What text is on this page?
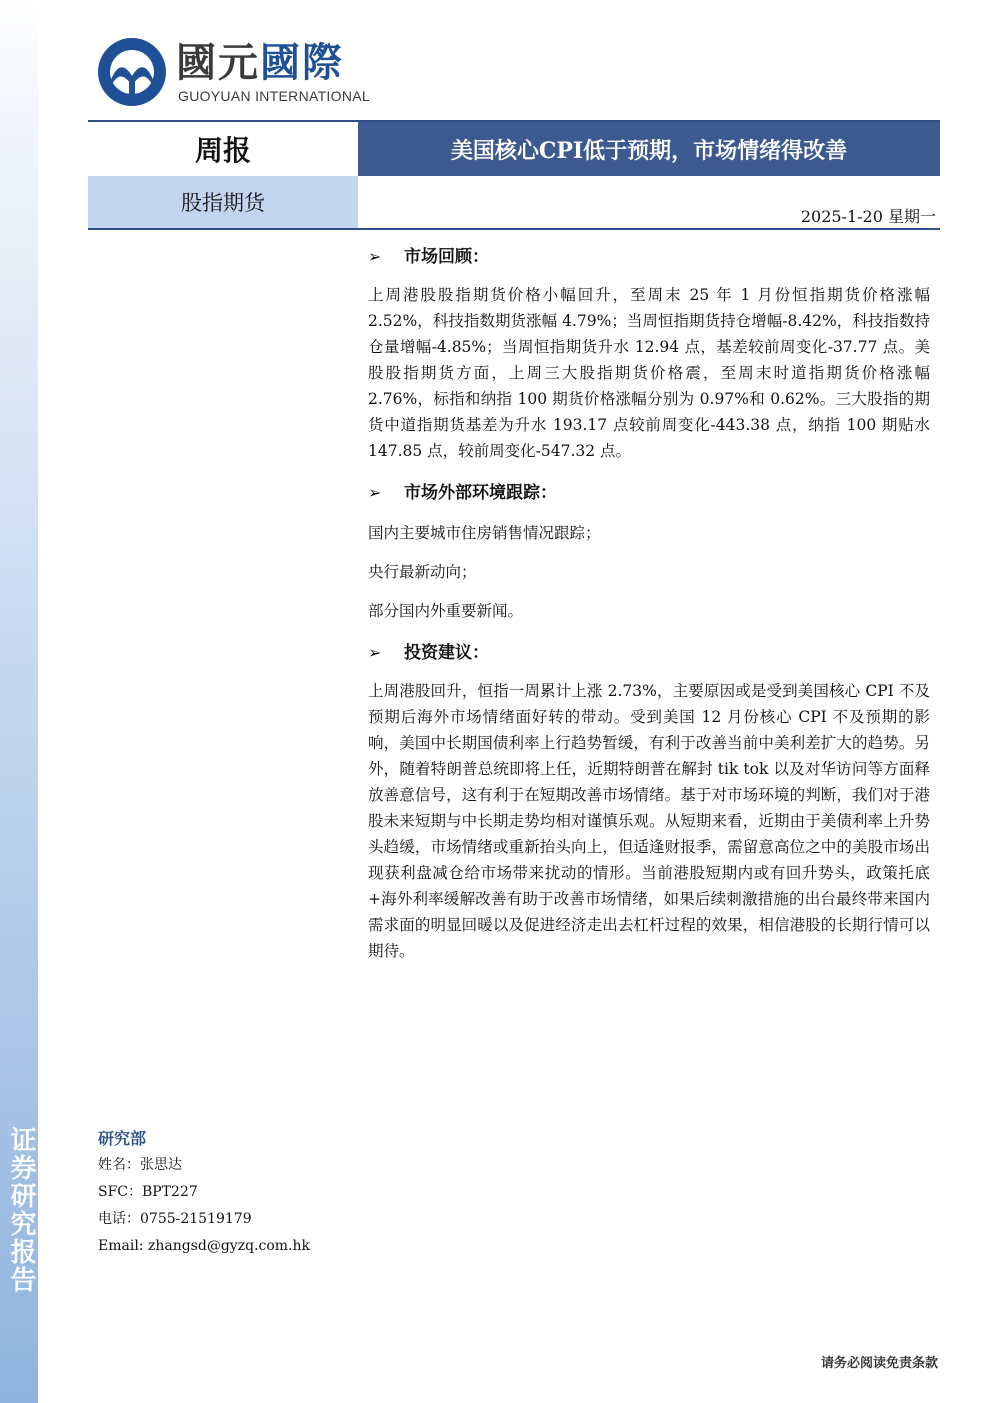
证券研究报告
國元國際
GUOYUAN INTERNATIONAL
周报	美国核心CPI低于预期，市场情绪得改善
股指期货
2025-1-20 星期一
➢ 市场回顾：

上周港股股指期货价格小幅回升，至周末 25 年 1 月份恒指期货价格涨幅 2.52%，科技指数期货涨幅 4.79%；当周恒指期货持仓增幅-8.42%，科技指数持仓量增幅-4.85%；当周恒指期货升水 12.94 点，基差较前周变化-37.77 点。美股股指期货方面，上周三大股指期货价格震，至周末时道指期货价格涨幅 2.76%，标指和纳指 100 期货价格涨幅分别为 0.97%和 0.62%。三大股指的期货中道指期货基差为升水 193.17 点较前周变化-443.38 点，纳指 100 期贴水 147.85 点，较前周变化-547.32 点。

➢ 市场外部环境跟踪：
国内主要城市住房销售情况跟踪；
央行最新动向；
部分国内外重要新闻。
➢ 投资建议：

上周港股回升，恒指一周累计上涨 2.73%，主要原因或是受到美国核心 CPI 不及预期后海外市场情绪面好转的带动。受到美国 12 月份核心 CPI 不及预期的影响，美国中长期国债利率上行趋势暂缓，有利于改善当前中美利差扩大的趋势。另外，随着特朗普总统即将上任，近期特朗普在解封 tik tok 以及对华访问等方面释放善意信号，这有利于在短期改善市场情绪。基于对市场环境的判断，我们对于港股未来短期与中长期走势均相对谨慎乐观。从短期来看，近期由于美债利率上升势头趋缓，市场情绪或重新抬头向上，但适逢财报季，需留意高位之中的美股市场出现获利盘减仓给市场带来扰动的情形。当前港股短期内或有回升势头，政策托底+海外利率缓解改善有助于改善市场情绪，如果后续刺激措施的出台最终带来国内需求面的明显回暖以及促进经济走出去杠杆过程的效果，相信港股的长期行情可以期待。

研究部
姓名：张思达
SFC：BPT227
电话：0755-21519179
Email: zhangsd@gyzq.com.hk
请务必阅读免责条款
